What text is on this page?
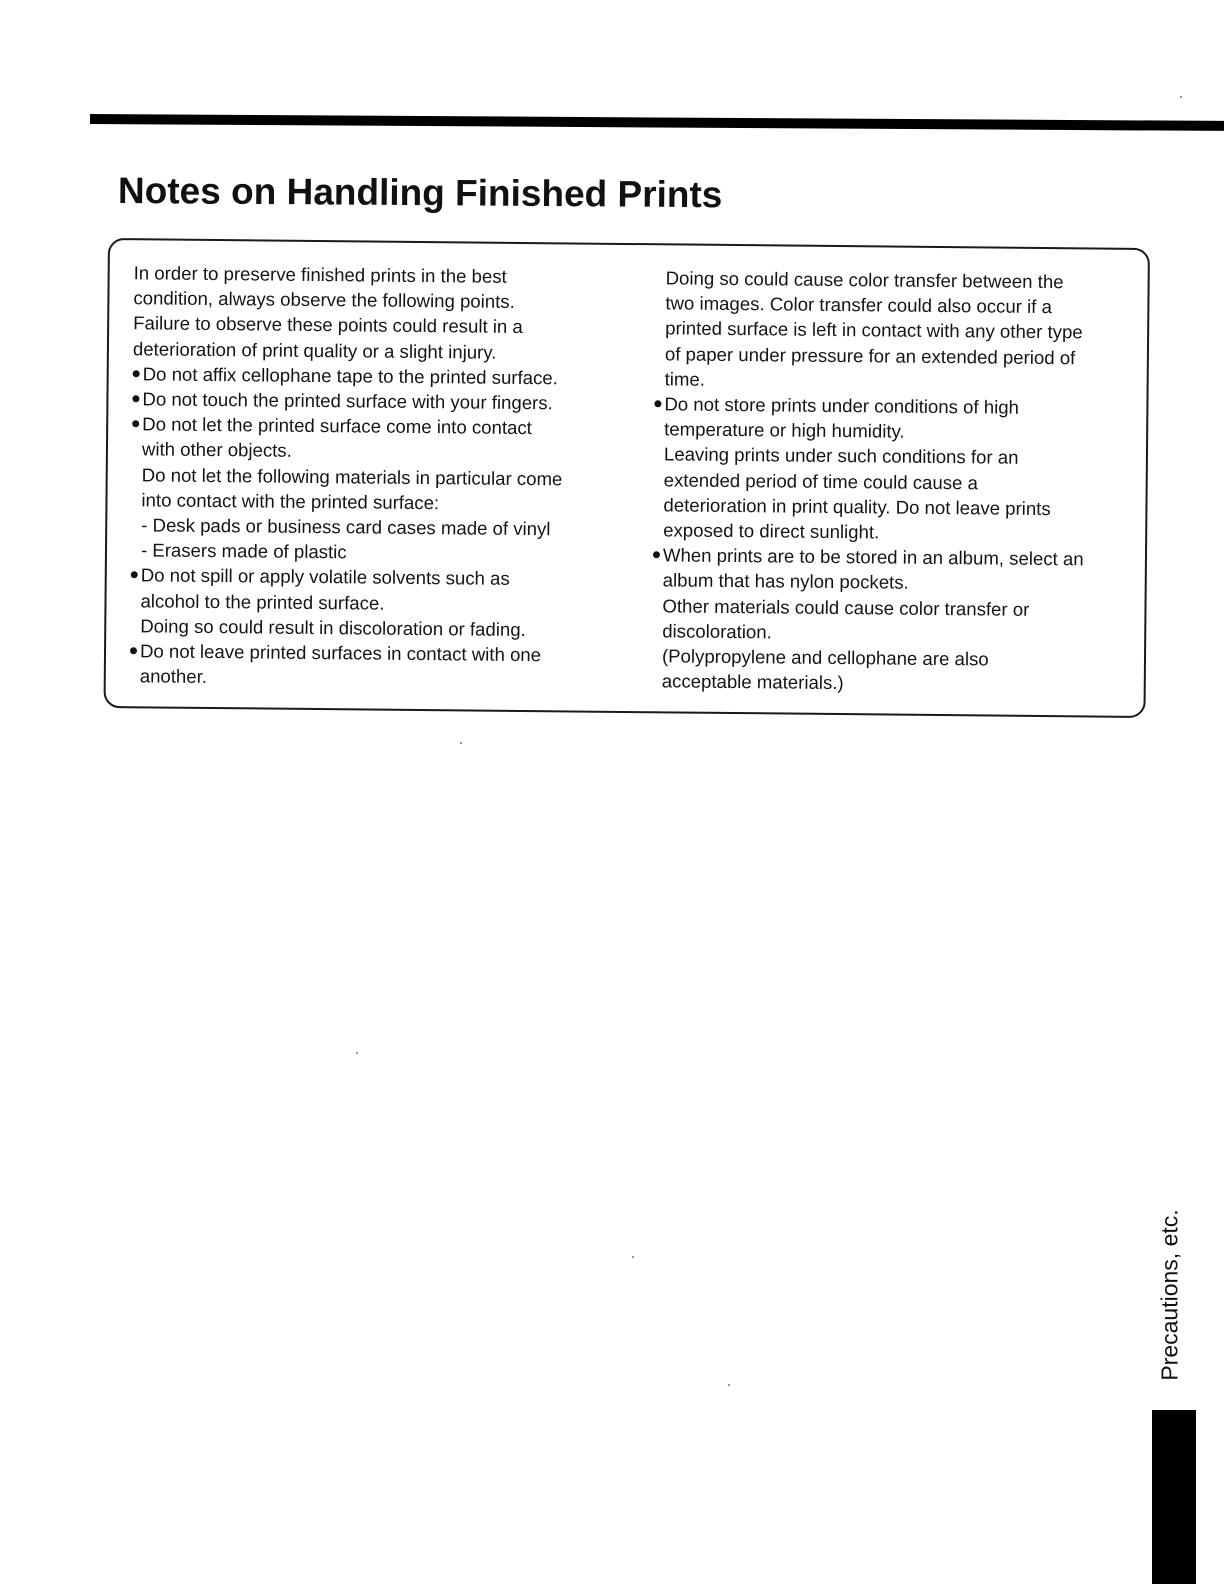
Notes on Handling Finished Prints
In order to preserve finished prints in the best
condition, always observe the following points.
Failure to observe these points could result in a
deterioration of print quality or a slight injury.
Do not affix cellophane tape to the printed surface.
Do not touch the printed surface with your fingers.
Do not let the printed surface come into contact
with other objects.
Do not let the following materials in particular come
into contact with the printed surface:
- Desk pads or business card cases made of vinyl
- Erasers made of plastic
Do not spill or apply volatile solvents such as
alcohol to the printed surface.
Doing so could result in discoloration or fading.
Do not leave printed surfaces in contact with one
another.
Doing so could cause color transfer between the
two images. Color transfer could also occur if a
printed surface is left in contact with any other type
of paper under pressure for an extended period of
time.
Do not store prints under conditions of high
temperature or high humidity.
Leaving prints under such conditions for an
extended period of time could cause a
deterioration in print quality. Do not leave prints
exposed to direct sunlight.
When prints are to be stored in an album, select an
album that has nylon pockets.
Other materials could cause color transfer or
discoloration.
(Polypropylene and cellophane are also
acceptable materials.)
Precautions, etc.
